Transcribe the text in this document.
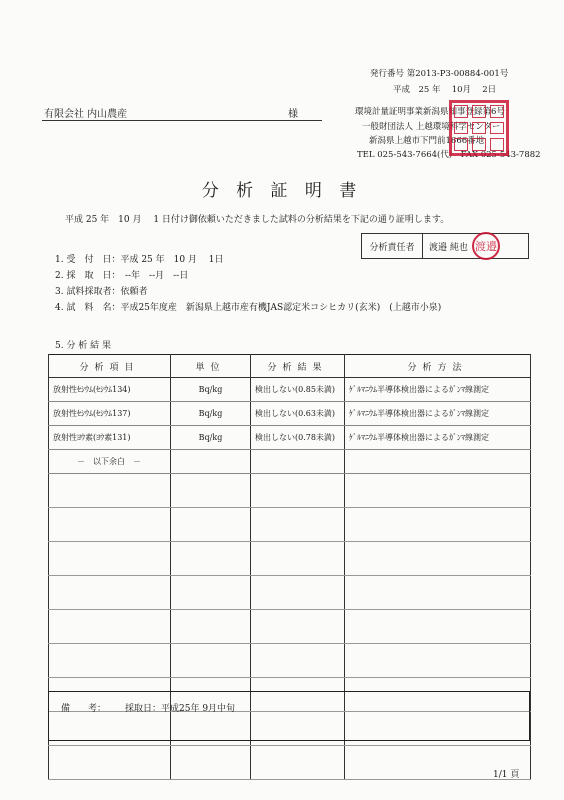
発行番号 第2013-P3-00884-001号
平成　25 年　 10月　 2日
有限会社 内山農産	様	環境計量証明事業新潟県知事登録第6号
一般財団法人 上越環境科学センター
新潟県上越市下門前1666番地
TEL 025-543-7664(代)　FAX 025-543-7882
分 析 証 明 書
平成 25 年　10 月　 1 日付け御依頼いただきました試料の分析結果を下記の通り証明します。
分析責任者	渡邉 純也 渡邉
1. 受　付　日：平成 25 年　10 月　 1日
2. 採　取　日：　--年　--月　--日
3. 試料採取者：依頼者
4. 試　料　名：平成25年度産　新潟県上越市産有機JAS認定米コシヒカリ(玄米)　(上越市小泉)
5. 分 析 結 果
分析項目	単位	分析結果	分析方法
放射性ｾｼｳﾑ(ｾｼｳﾑ134)	Bq/kg	検出しない(0.85未満)	ｹﾞﾙﾏﾆｳﾑ半導体検出器によるｶﾞﾝﾏ線測定
放射性ｾｼｳﾑ(ｾｼｳﾑ137)	Bq/kg	検出しない(0.63未満)	ｹﾞﾙﾏﾆｳﾑ半導体検出器によるｶﾞﾝﾏ線測定
放射性ﾖｳ素(ﾖｳ素131)	Bq/kg	検出しない(0.78未満)	ｹﾞﾙﾏﾆｳﾑ半導体検出器によるｶﾞﾝﾏ線測定
－　以下余白　－			

備　　考： 採取日：平成25年 9月中旬
1/1 頁
